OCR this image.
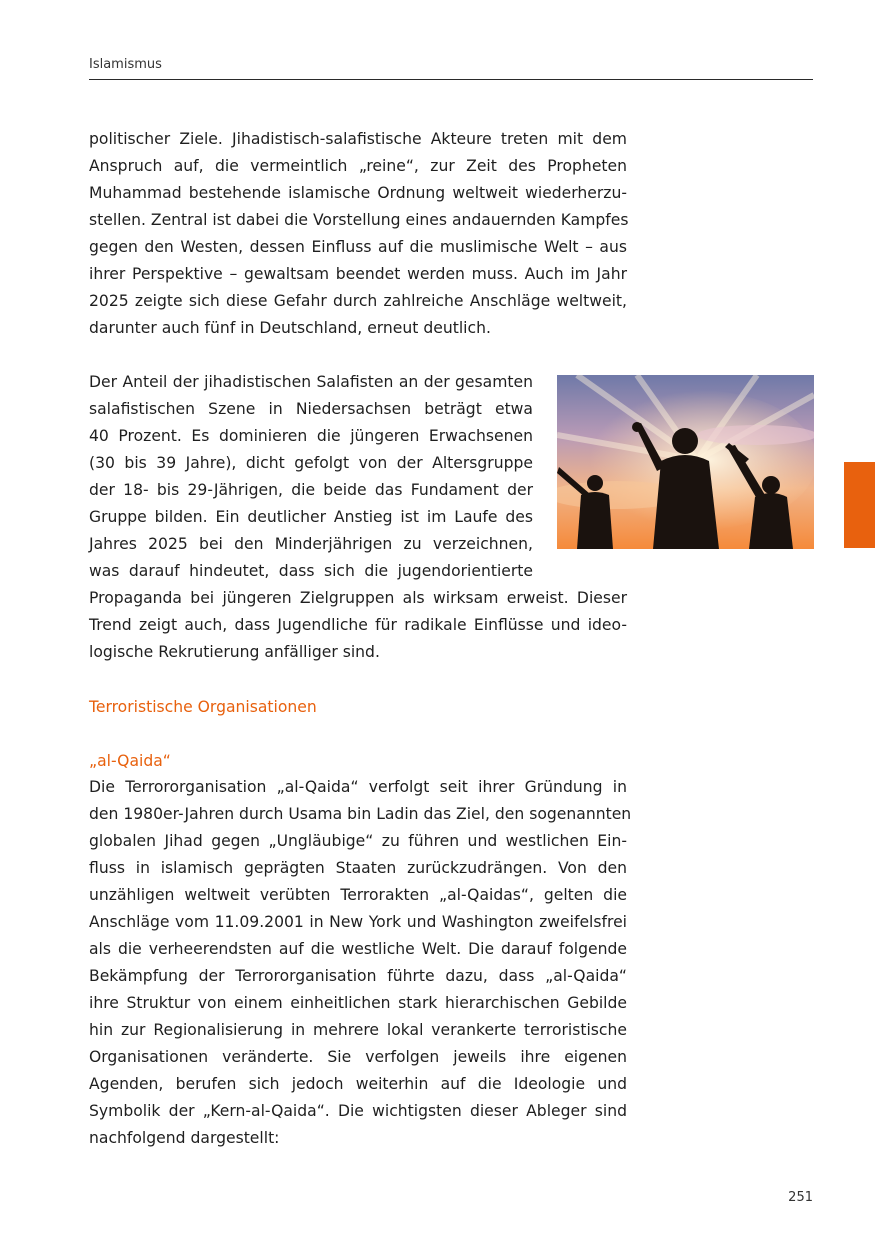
Islamismus
politischer Ziele. Jihadistisch-salafistische Akteure treten mit dem
Anspruch auf, die vermeintlich „reine“, zur Zeit des Propheten
Muhammad bestehende islamische Ordnung weltweit wiederherzu-
stellen. Zentral ist dabei die Vorstellung eines andauernden Kampfes
gegen den Westen, dessen Einfluss auf die muslimische Welt – aus
ihrer Perspektive – gewaltsam beendet werden muss. Auch im Jahr
2025 zeigte sich diese Gefahr durch zahlreiche Anschläge weltweit,
darunter auch fünf in Deutschland, erneut deutlich.
Der Anteil der jihadistischen Salafisten an der gesamten
salafistischen Szene in Niedersachsen beträgt etwa
40 Prozent. Es dominieren die jüngeren Erwachsenen
(30 bis 39 Jahre), dicht gefolgt von der Altersgruppe
der 18- bis 29-Jährigen, die beide das Fundament der
Gruppe bilden. Ein deutlicher Anstieg ist im Laufe des
Jahres 2025 bei den Minderjährigen zu verzeichnen,
was darauf hindeutet, dass sich die jugendorientierte
Propaganda bei jüngeren Zielgruppen als wirksam erweist. Dieser
Trend zeigt auch, dass Jugendliche für radikale Einflüsse und ideo-
logische Rekrutierung anfälliger sind.
Terroristische Organisationen
„al-Qaida“
Die Terrororganisation „al-Qaida“ verfolgt seit ihrer Gründung in
den 1980er-Jahren durch Usama bin Ladin das Ziel, den sogenannten
globalen Jihad gegen „Ungläubige“ zu führen und westlichen Ein-
fluss in islamisch geprägten Staaten zurückzudrängen. Von den
unzähligen weltweit verübten Terrorakten „al-Qaidas“, gelten die
Anschläge vom 11.09.2001 in New York und Washington zweifelsfrei
als die verheerendsten auf die westliche Welt. Die darauf folgende
Bekämpfung der Terrororganisation führte dazu, dass „al-Qaida“
ihre Struktur von einem einheitlichen stark hierarchischen Gebilde
hin zur Regionalisierung in mehrere lokal verankerte terroristische
Organisationen veränderte. Sie verfolgen jeweils ihre eigenen
Agenden, berufen sich jedoch weiterhin auf die Ideologie und
Symbolik der „Kern-al-Qaida“. Die wichtigsten dieser Ableger sind
nachfolgend dargestellt:
251
